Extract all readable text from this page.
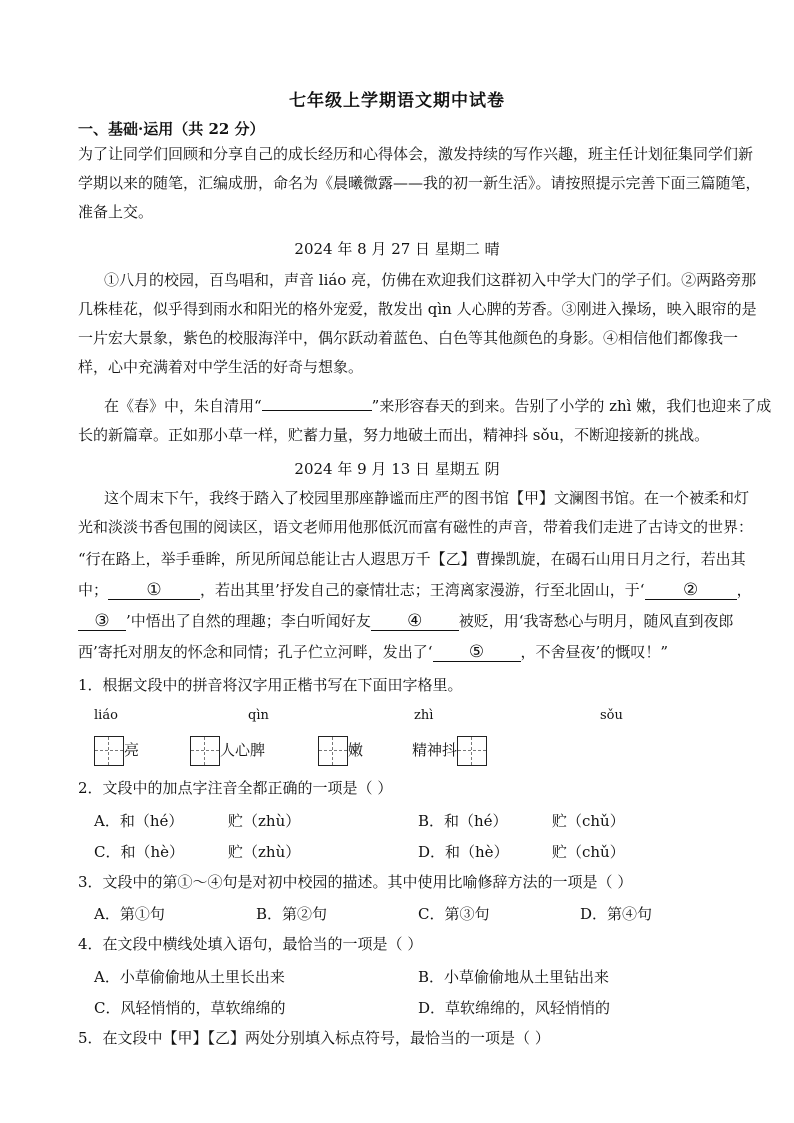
七年级上学期语文期中试卷
一、基础·运用（共 22 分）
为了让同学们回顾和分享自己的成长经历和心得体会，激发持续的写作兴趣，班主任计划征集同学们新
学期以来的随笔，汇编成册，命名为《晨曦微露——我的初一新生活》。请按照提示完善下面三篇随笔，
准备上交。
2024 年 8 月 27 日 星期二 晴
①八月的校园，百鸟唱和，声音 liáo 亮，仿佛在欢迎我们这群初入中学大门的学子们。②两路旁那
几株桂花，似乎得到雨水和阳光的格外宠爱，散发出 qìn 人心脾的芳香。③刚进入操场，映入眼帘的是
一片宏大景象，紫色的校服海洋中，偶尔跃动着蓝色、白色等其他颜色的身影。④相信他们都像我一
样，心中充满着对中学生活的好奇与想象。
在《春》中，朱自清用“	”来形容春天的到来。告别了小学的 zhì 嫩，我们也迎来了成
长的新篇章。正如那小草一样，贮蓄力量，努力地破土而出，精神抖 sǒu，不断迎接新的挑战。
2024 年 9 月 13 日 星期五 阴
这个周末下午，我终于踏入了校园里那座静谧而庄严的图书馆【甲】文澜图书馆。在一个被柔和灯
光和淡淡书香包围的阅读区，语文老师用他那低沉而富有磁性的声音，带着我们走进了古诗文的世界：
“行在路上，举手垂眸，所见所闻总能让古人遐思万千【乙】曹操凯旋，在碣石山用日月之行，若出其
中； ①	，若出其里’抒发自己的豪情壮志；王湾离家漫游，行至北固山，于‘ ②	，
③ ’中悟出了自然的理趣；李白听闻好友 ④ 被贬，用‘我寄愁心与明月，随风直到夜郎
西’寄托对朋友的怀念和同情；孔子伫立河畔，发出了‘ ⑤ ，不舍昼夜’的慨叹！”
1．根据文段中的拼音将汉字用正楷书写在下面田字格里。
liáo	qìn	zhì	sǒu
亮	人心脾	嫩	精神抖
2．文段中的加点字注音全都正确的一项是（ ）
A．和（hé）	贮（zhù）	B．和（hé）	贮（chǔ）
C．和（hè）	贮（zhù）	D．和（hè）	贮（chǔ）
3．文段中的第①～④句是对初中校园的描述。其中使用比喻修辞方法的一项是（ ）
A．第①句	B．第②句	C．第③句	D．第④句
4．在文段中横线处填入语句，最恰当的一项是（ ）
A．小草偷偷地从土里长出来	B．小草偷偷地从土里钻出来
C．风轻悄悄的，草软绵绵的	D．草软绵绵的，风轻悄悄的
5．在文段中【甲】【乙】两处分别填入标点符号，最恰当的一项是（ ）
